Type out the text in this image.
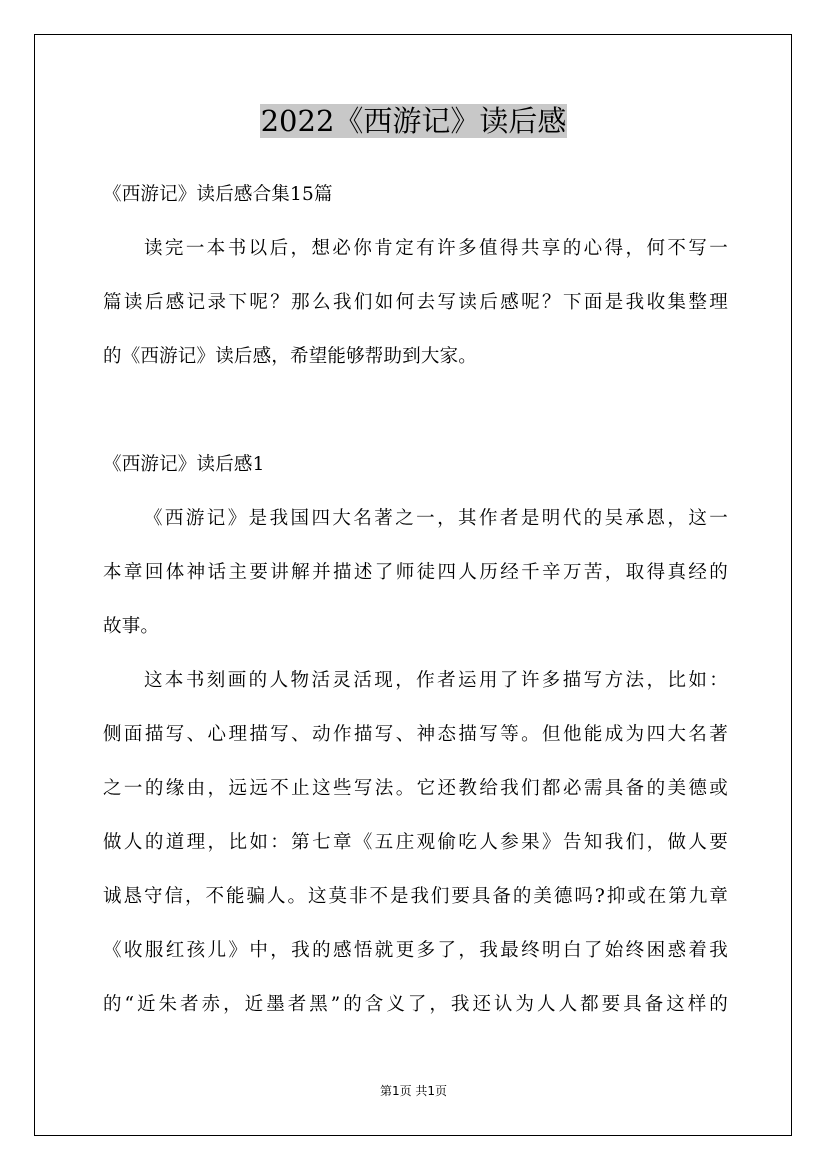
2022《西游记》读后感
《西游记》读后感合集15篇
读完一本书以后，想必你肯定有许多值得共享的心得，何不写一
篇读后感记录下呢？那么我们如何去写读后感呢？下面是我收集整理
的《西游记》读后感，希望能够帮助到大家。
《西游记》读后感1
《西游记》是我国四大名著之一，其作者是明代的吴承恩，这一
本章回体神话主要讲解并描述了师徒四人历经千辛万苦，取得真经的
故事。
这本书刻画的人物活灵活现，作者运用了许多描写方法，比如：
侧面描写、心理描写、动作描写、神态描写等。但他能成为四大名著
之一的缘由，远远不止这些写法。它还教给我们都必需具备的美德或
做人的道理，比如：第七章《五庄观偷吃人参果》告知我们，做人要
诚恳守信，不能骗人。这莫非不是我们要具备的美德吗?抑或在第九章
《收服红孩儿》中，我的感悟就更多了，我最终明白了始终困惑着我
的“近朱者赤，近墨者黑”的含义了，我还认为人人都要具备这样的
第1页 共1页
